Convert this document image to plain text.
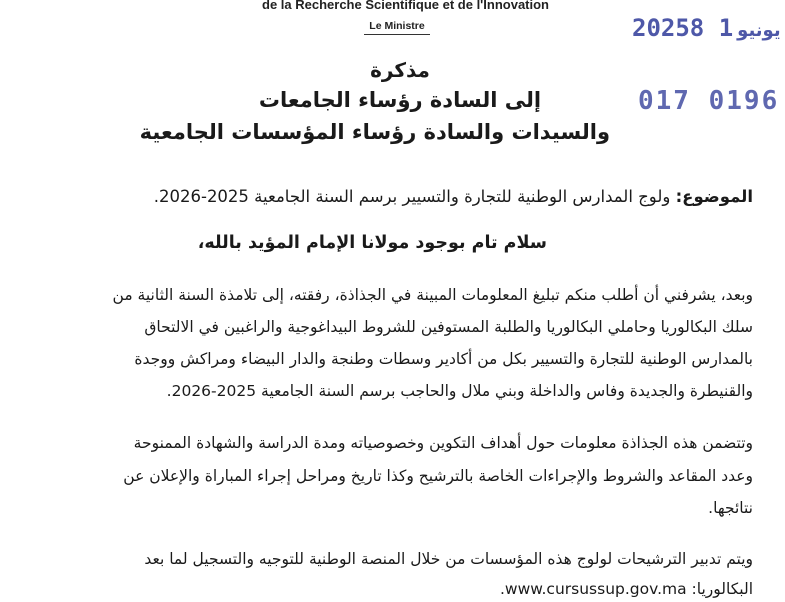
de la Recherche Scientifique et de l'Innovation
Le Ministre	2025	يونيو1 8
017 0196
مذكرة
إلى السادة رؤساء الجامعات
والسيدات والسادة رؤساء المؤسسات الجامعية
الموضوع: ولوج المدارس الوطنية للتجارة والتسيير برسم السنة الجامعية 2025-2026.
سلام تام بوجود مولانا الإمام المؤيد بالله،
وبعد، يشرفني أن أطلب منكم تبليغ المعلومات المبينة في الجذاذة، رفقته، إلى تلامذة السنة الثانية من
سلك البكالوريا وحاملي البكالوريا والطلبة المستوفين للشروط البيداغوجية والراغبين في الالتحاق
بالمدارس الوطنية للتجارة والتسيير بكل من أكادير وسطات وطنجة والدار البيضاء ومراكش ووجدة
والقنيطرة والجديدة وفاس والداخلة وبني ملال والحاجب برسم السنة الجامعية 2025-2026.
وتتضمن هذه الجذاذة معلومات حول أهداف التكوين وخصوصياته ومدة الدراسة والشهادة الممنوحة
وعدد المقاعد والشروط والإجراءات الخاصة بالترشيح وكذا تاريخ ومراحل إجراء المباراة والإعلان عن
نتائجها.
ويتم تدبير الترشيحات لولوج هذه المؤسسات من خلال المنصة الوطنية للتوجيه والتسجيل لما بعد
البكالوريا: www.cursussup.gov.ma.
